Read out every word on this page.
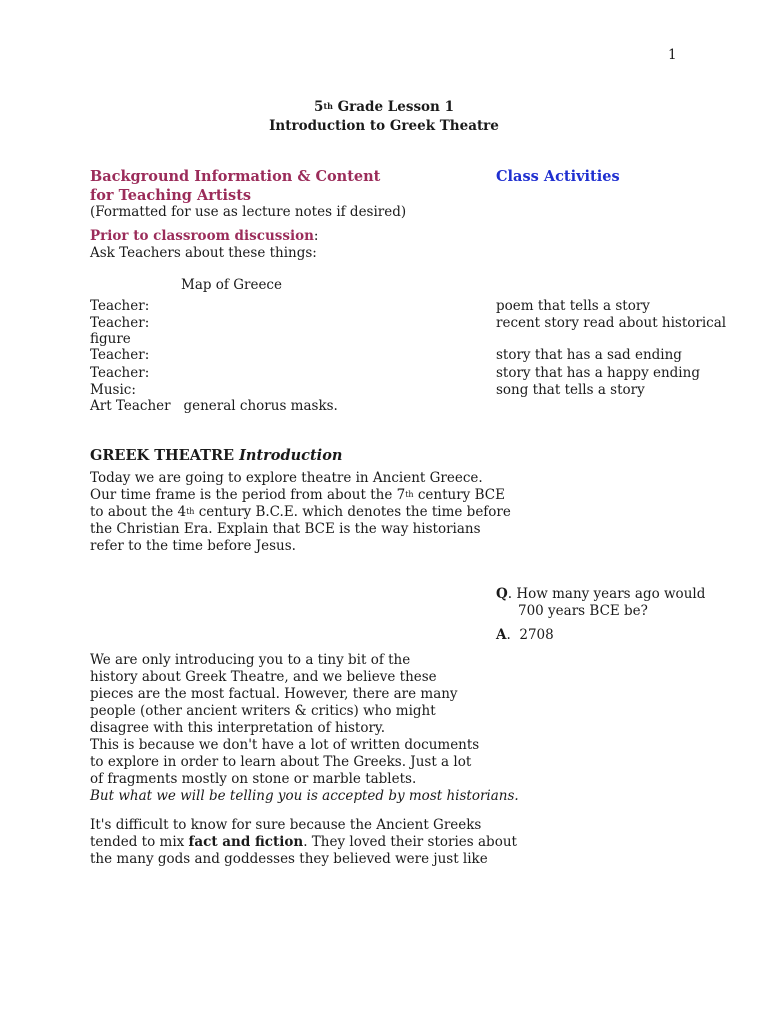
1
5th Grade Lesson 1
Introduction to Greek Theatre
Background Information & Content
for Teaching Artists
(Formatted for use as lecture notes if desired)
Class Activities
Prior to classroom discussion:
Ask Teachers about these things:
Map of Greece
Teacher:	poem that tells a story
Teacher:	recent story read about historical
figure
Teacher:	story that has a sad ending
Teacher:	story that has a happy ending
Music:	song that tells a story
Art Teacher   general chorus masks.
GREEK THEATRE Introduction
Today we are going to explore theatre in Ancient Greece.
Our time frame is the period from about the 7th century BCE
to about the 4th century B.C.E. which denotes the time before
the Christian Era. Explain that BCE is the way historians
refer to the time before Jesus.
Q. How many years ago would
700 years BCE be?
A.  2708
We are only introducing you to a tiny bit of the
history about Greek Theatre, and we believe these
pieces are the most factual. However, there are many
people (other ancient writers & critics) who might
disagree with this interpretation of history.
This is because we don't have a lot of written documents
to explore in order to learn about The Greeks. Just a lot
of fragments mostly on stone or marble tablets.
But what we will be telling you is accepted by most historians.
It's difficult to know for sure because the Ancient Greeks
tended to mix fact and fiction. They loved their stories about
the many gods and goddesses they believed were just like
